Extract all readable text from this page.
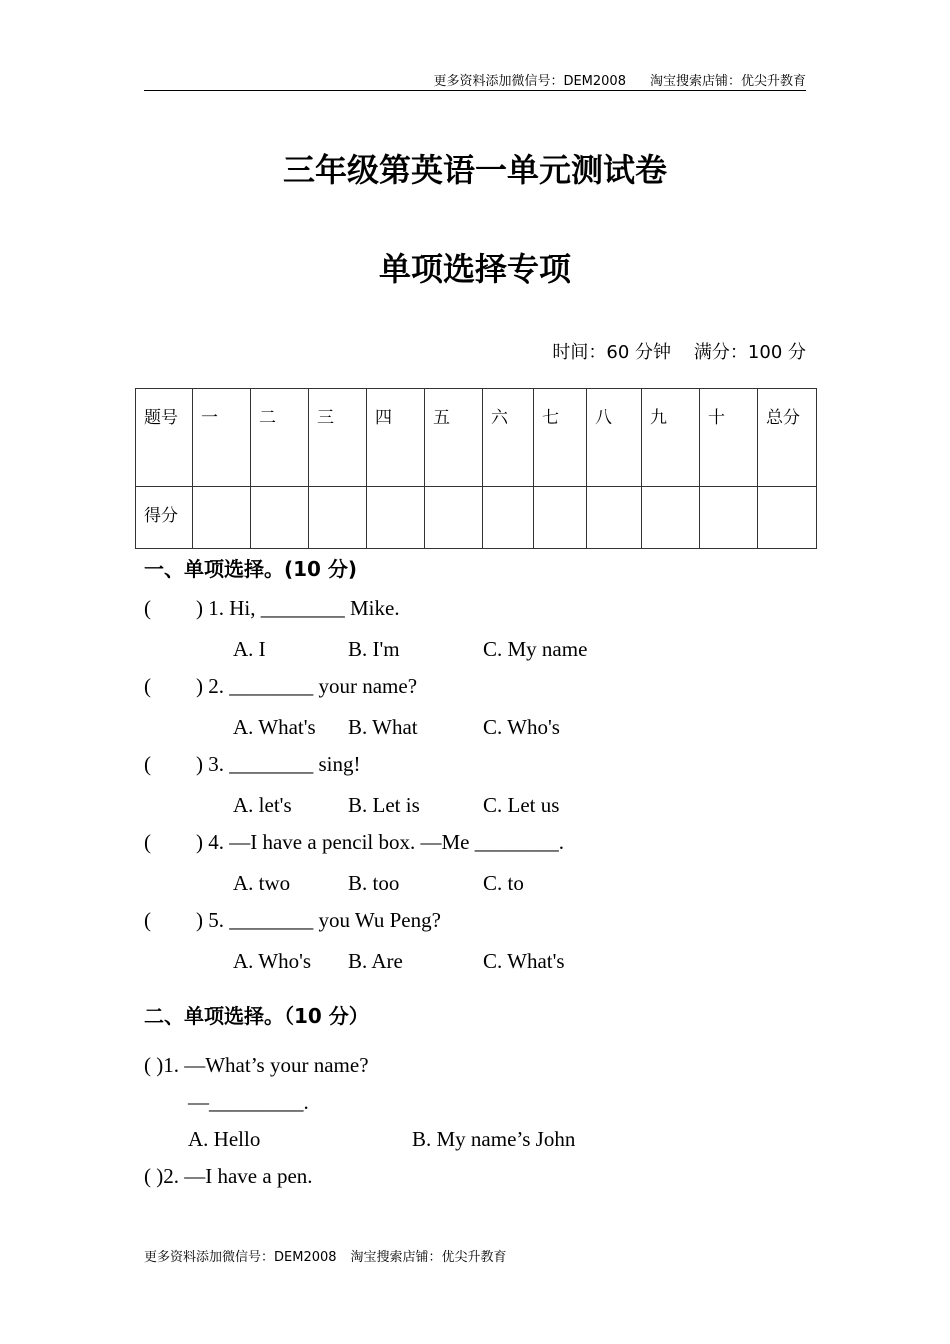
更多资料添加微信号：DEM2008 淘宝搜索店铺：优尖升教育
三年级第英语一单元测试卷
单项选择专项
时间：60 分钟 满分：100 分
题号	一	二	三	四	五	六	七	八	九	十	总分
得分											
一、单项选择。(10 分)
( ) 1. Hi, ________ Mike.
A. I	B. I'm	C. My name
( ) 2. ________ your name?
A. What's B. What	C. Who's
( ) 3. ________ sing!
A. let's	B. Let is	C. Let us
( ) 4. —I have a pencil box. —Me ________.
A. two	B. too	C. to
( ) 5. ________ you Wu Peng?
A. Who's B. Are	C. What's
二、单项选择。（10 分）
( )1. —What’s your name?
—_________.
A. Hello	B. My name’s John
( )2. —I have a pen.
更多资料添加微信号：DEM2008 淘宝搜索店铺：优尖升教育
